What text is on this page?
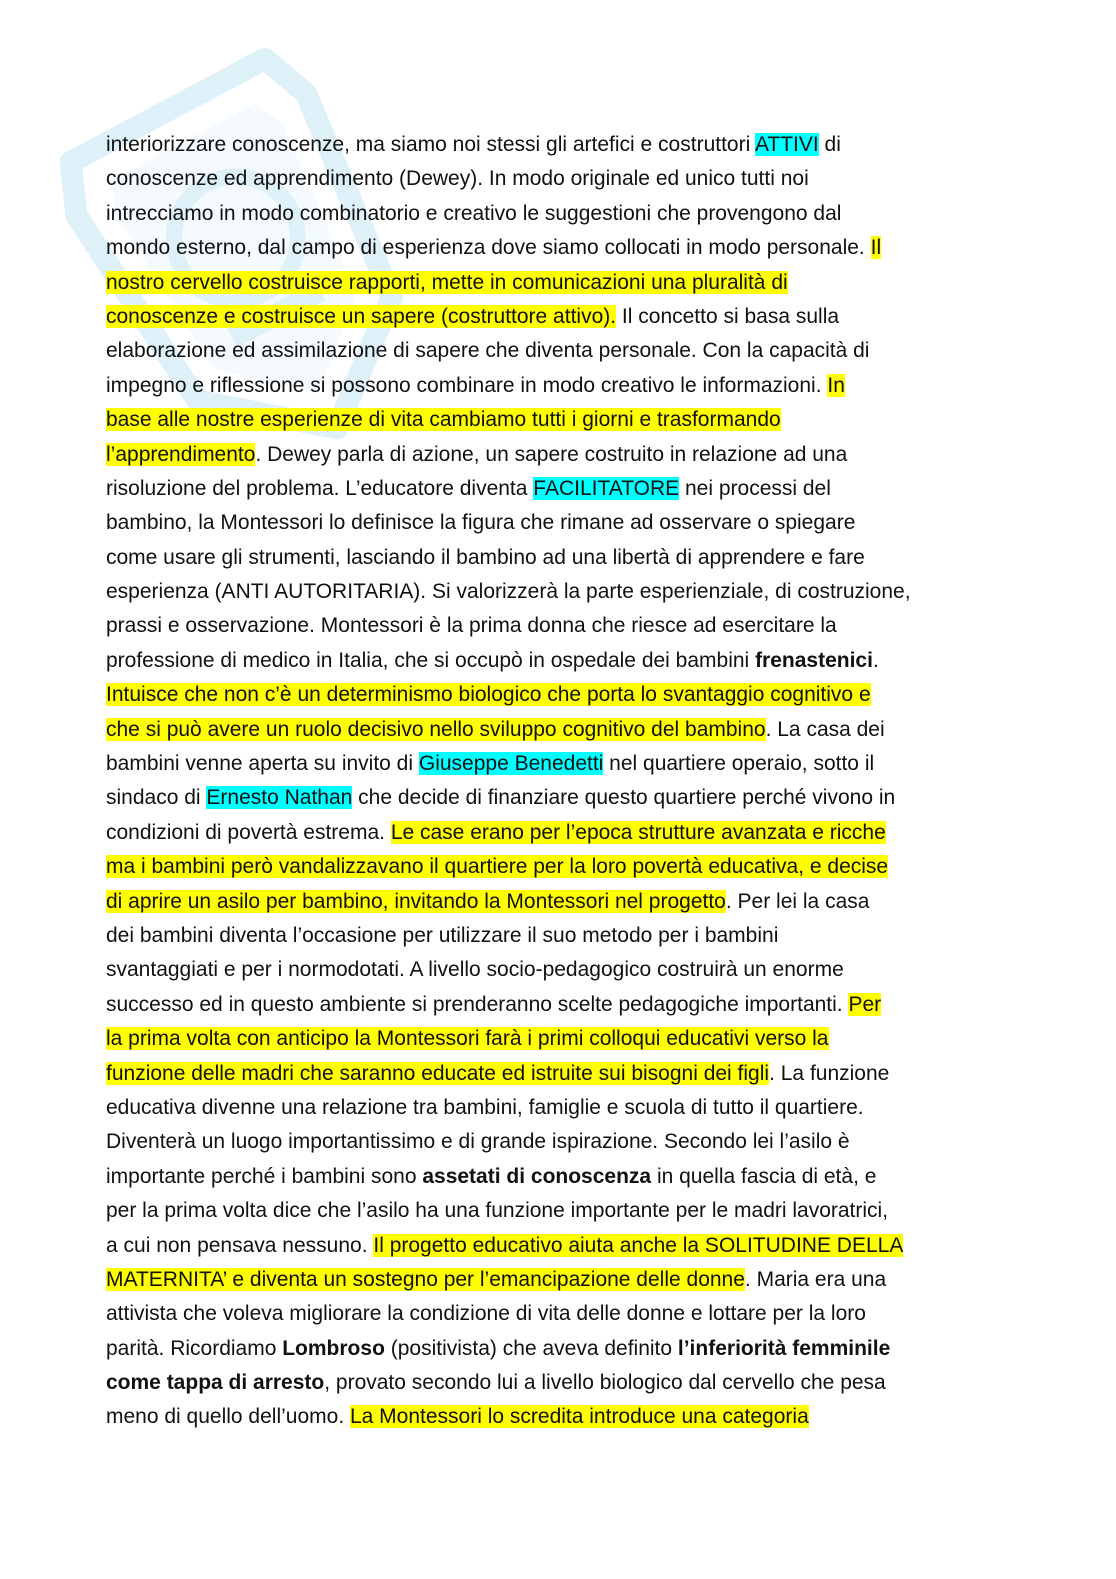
interiorizzare conoscenze, ma siamo noi stessi gli artefici e costruttori ATTIVI di
conoscenze ed apprendimento (Dewey). In modo originale ed unico tutti noi
intrecciamo in modo combinatorio e creativo le suggestioni che provengono dal
mondo esterno, dal campo di esperienza dove siamo collocati in modo personale. Il
nostro cervello costruisce rapporti, mette in comunicazioni una pluralità di
conoscenze e costruisce un sapere (costruttore attivo). Il concetto si basa sulla
elaborazione ed assimilazione di sapere che diventa personale. Con la capacità di
impegno e riflessione si possono combinare in modo creativo le informazioni. In
base alle nostre esperienze di vita cambiamo tutti i giorni e trasformando
l’apprendimento. Dewey parla di azione, un sapere costruito in relazione ad una
risoluzione del problema. L’educatore diventa FACILITATORE nei processi del
bambino, la Montessori lo definisce la figura che rimane ad osservare o spiegare
come usare gli strumenti, lasciando il bambino ad una libertà di apprendere e fare
esperienza (ANTI AUTORITARIA). Si valorizzerà la parte esperienziale, di costruzione,
prassi e osservazione. Montessori è la prima donna che riesce ad esercitare la
professione di medico in Italia, che si occupò in ospedale dei bambini frenastenici.
Intuisce che non c’è un determinismo biologico che porta lo svantaggio cognitivo e
che si può avere un ruolo decisivo nello sviluppo cognitivo del bambino. La casa dei
bambini venne aperta su invito di Giuseppe Benedetti nel quartiere operaio, sotto il
sindaco di Ernesto Nathan che decide di finanziare questo quartiere perché vivono in
condizioni di povertà estrema. Le case erano per l’epoca strutture avanzata e ricche
ma i bambini però vandalizzavano il quartiere per la loro povertà educativa, e decise
di aprire un asilo per bambino, invitando la Montessori nel progetto. Per lei la casa
dei bambini diventa l’occasione per utilizzare il suo metodo per i bambini
svantaggiati e per i normodotati. A livello socio-pedagogico costruirà un enorme
successo ed in questo ambiente si prenderanno scelte pedagogiche importanti. Per
la prima volta con anticipo la Montessori farà i primi colloqui educativi verso la
funzione delle madri che saranno educate ed istruite sui bisogni dei figli. La funzione
educativa divenne una relazione tra bambini, famiglie e scuola di tutto il quartiere.
Diventerà un luogo importantissimo e di grande ispirazione. Secondo lei l’asilo è
importante perché i bambini sono assetati di conoscenza in quella fascia di età, e
per la prima volta dice che l’asilo ha una funzione importante per le madri lavoratrici,
a cui non pensava nessuno. Il progetto educativo aiuta anche la SOLITUDINE DELLA
MATERNITA’ e diventa un sostegno per l’emancipazione delle donne. Maria era una
attivista che voleva migliorare la condizione di vita delle donne e lottare per la loro
parità. Ricordiamo Lombroso (positivista) che aveva definito l’inferiorità femminile
come tappa di arresto, provato secondo lui a livello biologico dal cervello che pesa
meno di quello dell’uomo. La Montessori lo scredita introduce una categoria
